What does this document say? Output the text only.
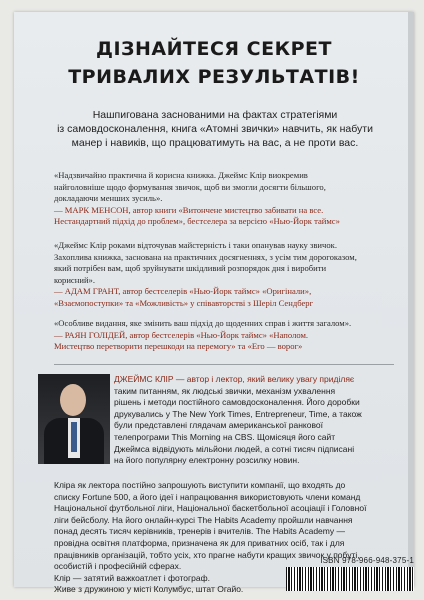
ДІЗНАЙТЕСЯ СЕКРЕТ
ТРИВАЛИХ РЕЗУЛЬТАТІВ!
Нашпигована заснованими на фактах стратегіями
із самовдосконалення, книга «Атомні звички» навчить, як набути
манер і навиків, що працюватимуть на вас, а не проти вас.
«Надзвичайно практична й корисна книжка. Джеймс Клір виокремив
найголовніше щодо формування звичок, щоб ви змогли досягти більшого,
докладаючи менших зусиль».
— МАРК МЕНСОН, автор книги «Витончене мистецтво забивати на все.
Нестандартний підхід до проблем», бестселера за версією «Нью-Йорк таймс»
«Джеймс Клір роками відточував майстерність і таки опанував науку звичок.
Захоплива книжка, заснована на практичних досягненнях, з усім тим дорогоказом,
який потрібен вам, щоб зруйнувати шкідливий розпорядок дня і виробити
корисний».
— АДАМ ГРАНТ, автор бестселерів «Нью-Йорк таймс» «Оригінали»,
«Взаємопоступки» та «Можливість» у співавторстві з Шеріл Сендберг
«Особливе видання, яке змінить ваш підхід до щоденних справ і життя загалом».
— РАЯН ГОЛІДЕЙ, автор бестселерів «Нью-Йорк таймс» «Наполом.
Мистецтво перетворити перешкоди на перемогу» та «Его — ворог»
ДЖЕЙМС КЛІР — автор і лектор, який велику увагу приділяє
таким питанням, як людські звички, механізм ухвалення
рішень і методи постійного самовдосконалення. Його доробки
друкувались у The New York Times, Entrepreneur, Time, а також
були представлені глядачам американської ранкової
телепрограми This Morning на CBS. Щомісяця його сайт
Джеймса відвідують мільйони людей, а сотні тисяч підписані
на його популярну електронну розсилку новин.
Кліра як лектора постійно запрошують виступити компанії, що входять до
списку Fortune 500, а його ідеї і напрацювання використовують члени команд
Національної футбольної ліги, Національної баскетбольної асоціації і Головної
ліги бейсболу. На його онлайн-курсі The Habits Academy пройшли навчання
понад десять тисяч керівників, тренерів і вчителів. The Habits Academy —
провідна освітня платформа, призначена як для приватних осіб, так і для
працівників організацій, тобто усіх, хто прагне набути кращих звичок у побуті,
особистій і професійній сферах.
Клір — затятий важкоатлет і фотограф.
Живе з дружиною у місті Колумбус, штат Огайо.
ISBN 978-966-948-375-1
